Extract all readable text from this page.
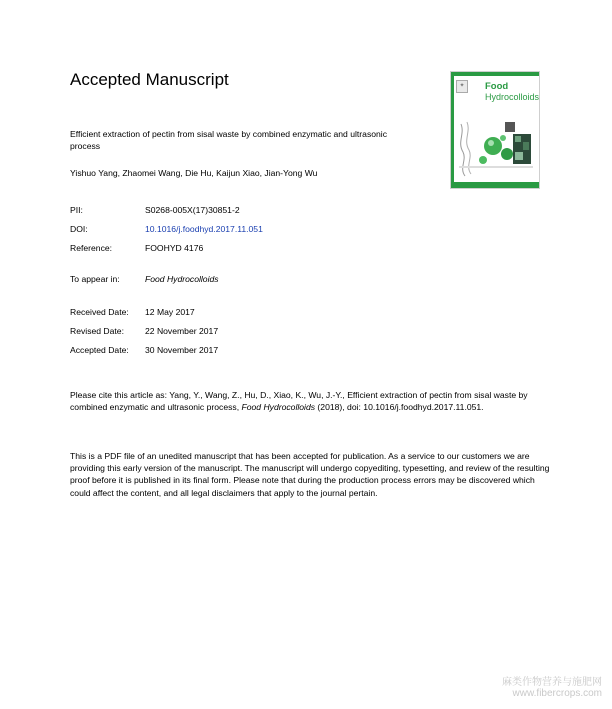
Accepted Manuscript	✦	Food
Hydrocolloids
Efficient extraction of pectin from sisal waste by combined enzymatic and ultrasonic process
Yishuo Yang, Zhaomei Wang, Die Hu, Kaijun Xiao, Jian-Yong Wu
PII:	S0268-005X(17)30851-2
DOI:	10.1016/j.foodhyd.2017.11.051
Reference:	FOOHYD 4176
To appear in:	Food Hydrocolloids
Received Date: 12 May 2017
Revised Date: 22 November 2017
Accepted Date: 30 November 2017
Please cite this article as: Yang, Y., Wang, Z., Hu, D., Xiao, K., Wu, J.-Y., Efficient extraction of pectin from sisal waste by combined enzymatic and ultrasonic process, Food Hydrocolloids (2018), doi: 10.1016/j.foodhyd.2017.11.051.
This is a PDF file of an unedited manuscript that has been accepted for publication. As a service to our customers we are providing this early version of the manuscript. The manuscript will undergo copyediting, typesetting, and review of the resulting proof before it is published in its final form. Please note that during the production process errors may be discovered which could affect the content, and all legal disclaimers that apply to the journal pertain.
麻类作物营养与施肥网
www.fibercrops.com
